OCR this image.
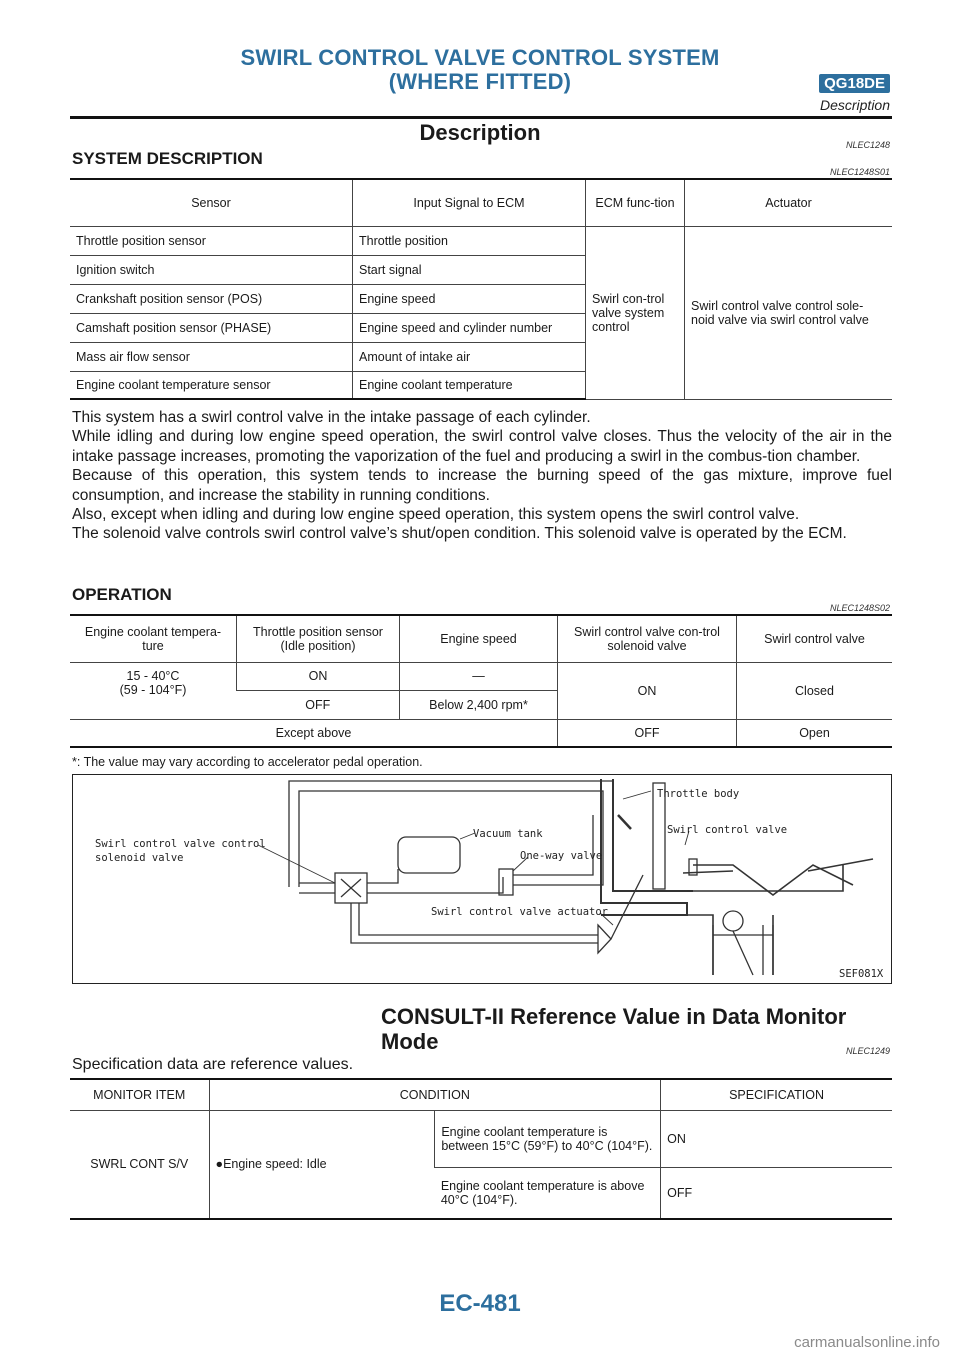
SWIRL CONTROL VALVE CONTROL SYSTEM
(WHERE FITTED)	QG18DE
Description
Description	NLEC1248
SYSTEM DESCRIPTION
NLEC1248S01
Sensor	Input Signal to ECM	ECM func-tion	Actuator
Throttle position sensor	Throttle position	Swirl con-trol valve system control	Swirl control valve control sole-noid valve via swirl control valve
Ignition switch	Start signal		
Crankshaft position sensor (POS)	Engine speed		
Camshaft position sensor (PHASE)	Engine speed and cylinder number		
Mass air flow sensor	Amount of intake air		
Engine coolant temperature sensor	Engine coolant temperature		

This system has a swirl control valve in the intake passage of each cylinder.

While idling and during low engine speed operation, the swirl control valve closes. Thus the velocity of the air in the intake passage increases, promoting the vaporization of the fuel and producing a swirl in the combus-tion chamber.

Because of this operation, this system tends to increase the burning speed of the gas mixture, improve fuel consumption, and increase the stability in running conditions.

Also, except when idling and during low engine speed operation, this system opens the swirl control valve.

The solenoid valve controls swirl control valve’s shut/open condition. This solenoid valve is operated by the ECM.

OPERATION
NLEC1248S02
Engine coolant tempera-ture	Throttle position sensor (Idle position)	Engine speed	Swirl control valve con-trol solenoid valve	Swirl control valve

15 - 40°C
(59 - 104°F)	ON	—	ON	Closed
	OFF	Below 2,400 rpm*		
Except above			OFF	Open
*: The value may vary according to accelerator pedal operation.
Swirl control valve control
solenoid valve
Vacuum tank
One-way valve
Swirl control valve actuator
Throttle body
Swirl control valve
SEF081X
CONSULT-II Reference Value in Data Monitor
Mode	NLEC1249
Specification data are reference values.
MONITOR ITEM	CONDITION		SPECIFICATION
SWRL CONT S/V	●Engine speed: Idle	Engine coolant temperature is between 15°C (59°F) to 40°C (104°F).	ON
		Engine coolant temperature is above 40°C (104°F).	OFF
EC-481
carmanualsonline.info
